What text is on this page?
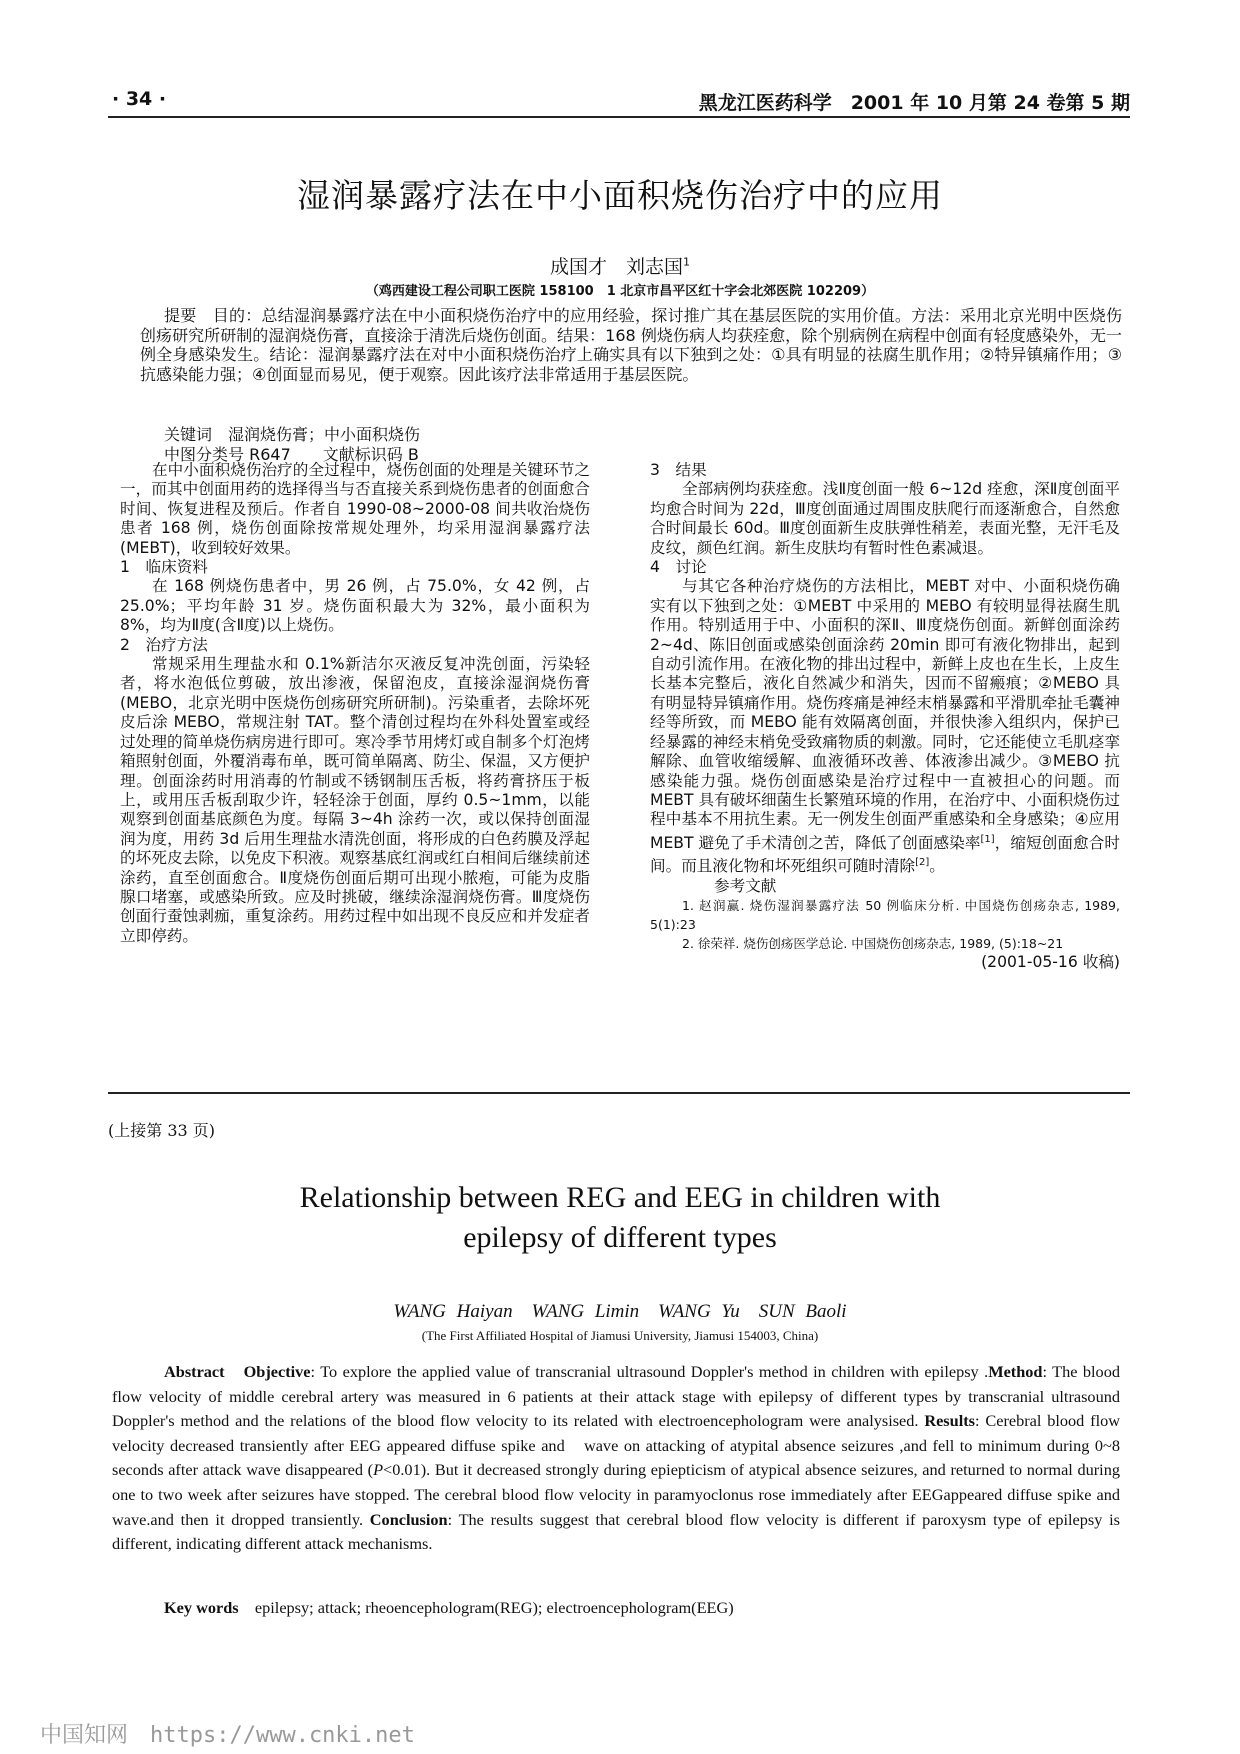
· 34 ·	黑龙江医药科学　2001 年 10 月第 24 卷第 5 期
湿润暴露疗法在中小面积烧伤治疗中的应用
成国才　刘志国$^1$
（鸡西建设工程公司职工医院 158100　1 北京市昌平区红十字会北郊医院 102209）

提要　目的：总结湿润暴露疗法在中小面积烧伤治疗中的应用经验，探讨推广其在基层医院的实用价值。方法：采用北京光明中医烧伤创疡研究所研制的湿润烧伤膏，直接涂于清洗后烧伤创面。结果：168 例烧伤病人均获痊愈，除个别病例在病程中创面有轻度感染外，无一例全身感染发生。结论：湿润暴露疗法在对中小面积烧伤治疗上确实具有以下独到之处：①具有明显的祛腐生肌作用；②特异镇痛作用；③抗感染能力强；④创面显而易见，便于观察。因此该疗法非常适用于基层医院。

关键词　湿润烧伤膏；中小面积烧伤
中图分类号 R647　　文献标识码 B

在中小面积烧伤治疗的全过程中，烧伤创面的处理是关键环节之一，而其中创面用药的选择得当与否直接关系到烧伤患者的创面愈合时间、恢复进程及预后。作者自 1990-08~2000-08 间共收治烧伤患者 168 例，烧伤创面除按常规处理外，均采用湿润暴露疗法(MEBT)，收到较好效果。

1　临床资料

在 168 例烧伤患者中，男 26 例，占 75.0%，女 42 例，占 25.0%；平均年龄 31 岁。烧伤面积最大为 32%，最小面积为 8%，均为Ⅱ度(含Ⅱ度)以上烧伤。

2　治疗方法

常规采用生理盐水和 0.1%新洁尔灭液反复冲洗创面，污染轻者，将水泡低位剪破，放出渗液，保留泡皮，直接涂湿润烧伤膏(MEBO，北京光明中医烧伤创疡研究所研制)。污染重者，去除坏死皮后涂 MEBO，常规注射 TAT。整个清创过程均在外科处置室或经过处理的简单烧伤病房进行即可。寒冷季节用烤灯或自制多个灯泡烤箱照射创面，外覆消毒布单，既可简单隔离、防尘、保温，又方便护理。创面涂药时用消毒的竹制或不锈钢制压舌板，将药膏挤压于板上，或用压舌板刮取少许，轻轻涂于创面，厚约 0.5~1mm，以能观察到创面基底颜色为度。每隔 3~4h 涂药一次，或以保持创面湿润为度，用药 3d 后用生理盐水清洗创面，将形成的白色药膜及浮起的坏死皮去除，以免皮下积液。观察基底红润或红白相间后继续前述涂药，直至创面愈合。Ⅱ度烧伤创面后期可出现小脓疱，可能为皮脂腺口堵塞，或感染所致。应及时挑破，继续涂湿润烧伤膏。Ⅲ度烧伤创面行蚕蚀剥痂，重复涂药。用药过程中如出现不良反应和并发症者立即停药。

3　结果

全部病例均获痊愈。浅Ⅱ度创面一般 6~12d 痊愈，深Ⅱ度创面平均愈合时间为 22d，Ⅲ度创面通过周围皮肤爬行而逐渐愈合，自然愈合时间最长 60d。Ⅲ度创面新生皮肤弹性稍差，表面光整，无汗毛及皮纹，颜色红润。新生皮肤均有暂时性色素减退。

4　讨论

与其它各种治疗烧伤的方法相比，MEBT 对中、小面积烧伤确实有以下独到之处：①MEBT 中采用的 MEBO 有较明显得祛腐生肌作用。特别适用于中、小面积的深Ⅱ、Ⅲ度烧伤创面。新鲜创面涂药 2~4d、陈旧创面或感染创面涂药 20min 即可有液化物排出，起到自动引流作用。在液化物的排出过程中，新鲜上皮也在生长，上皮生长基本完整后，液化自然减少和消失，因而不留瘢痕；②MEBO 具有明显特异镇痛作用。烧伤疼痛是神经末梢暴露和平滑肌牵扯毛囊神经等所致，而 MEBO 能有效隔离创面，并很快渗入组织内，保护已经暴露的神经末梢免受致痛物质的刺激。同时，它还能使立毛肌痉挛解除、血管收缩缓解、血液循环改善、体液渗出减少。③MEBO 抗感染能力强。烧伤创面感染是治疗过程中一直被担心的问题。而 MEBT 具有破坏细菌生长繁殖环境的作用，在治疗中、小面积烧伤过程中基本不用抗生素。无一例发生创面严重感染和全身感染；④应用 MEBT 避免了手术清创之苦，降低了创面感染率[1]，缩短创面愈合时间。而且液化物和坏死组织可随时清除[2]。

参考文献

1. 赵润赢. 烧伤湿润暴露疗法 50 例临床分析. 中国烧伤创疡杂志, 1989, 5(1):23

2. 徐荣祥. 烧伤创疡医学总论. 中国烧伤创疡杂志, 1989, (5):18~21

(2001-05-16 收稿)
(上接第 33 页)
Relationship between REG and EEG in children with
epilepsy of different types
WANG Haiyan　WANG Limin　WANG Yu　SUN Baoli
(The First Affiliated Hospital of Jiamusi University, Jiamusi 154003, China)

Abstract　 Objective: To explore the applied value of transcranial ultrasound Doppler's method in children with epilepsy .Method: The blood flow velocity of middle cerebral artery was measured in 6 patients at their attack stage with epilepsy of different types by transcranial ultrasound Doppler's method and the relations of the blood flow velocity to its related with electroencephologram were analysised. Results: Cerebral blood flow velocity decreased transiently after EEG appeared diffuse spike and　wave on attacking of atypital absence seizures ,and fell to minimum during 0~8 seconds after attack wave disappeared (P<0.01). But it decreased strongly during epiepticism of atypical absence seizures, and returned to normal during one to two week after seizures have stopped. The cerebral blood flow velocity in paramyoclonus rose immediately after EEGappeared diffuse spike and wave.and then it dropped transiently. Conclusion: The results suggest that cerebral blood flow velocity is different if paroxysm type of epilepsy is different, indicating different attack mechanisms.

Key words　epilepsy; attack; rheoencephologram(REG); electroencephologram(EEG)
中国知网　https://www.cnki.net
